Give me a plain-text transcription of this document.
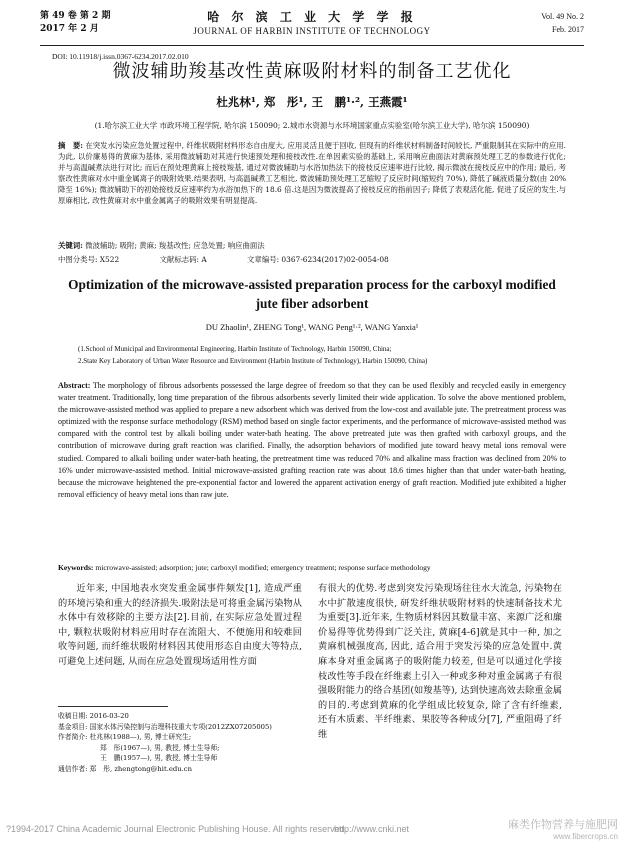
第 49 卷 第 2 期
2017 年 2 月
哈 尔 滨 工 业 大 学 学 报
JOURNAL OF HARBIN INSTITUTE OF TECHNOLOGY
Vol. 49 No. 2
Feb. 2017
DOI: 10.11918/j.issn.0367-6234.2017.02.010
微波辅助羧基改性黄麻吸附材料的制备工艺优化
杜兆林¹, 郑　彤¹, 王　鹏¹·², 王燕霞¹
(1.哈尔滨工业大学 市政环境工程学院, 哈尔滨 150090; 2.城市水资源与水环境国家重点实验室(哈尔滨工业大学), 哈尔滨 150090)
摘　要: 在突发水污染应急处置过程中, 纤维状吸附材料形态自由度大, 应用灵活且便于回收, 但现有的纤维状材料制备时间较长, 严重限制其在实际中的应用.为此, 以价廉易得的黄麻为基体, 采用微波辅助对其进行快速预处理和接枝改性.在单因素实验的基础上, 采用响应曲面法对黄麻预处理工艺的参数进行优化; 并与高温碱煮法进行对比; 而后在预处理黄麻上接枝羧基, 通过对微波辅助与水浴加热法下的接枝反应速率进行比较, 揭示微波在接枝反应中的作用; 最后, 考察改性黄麻对水中重金属离子的吸附效果.结果表明, 与高温碱煮工艺相比, 微波辅助预处理工艺缩短了反应时间(缩短约 70%), 降低了碱液质量分数(由 20% 降至 16%); 微波辅助下的初始接枝反应速率约为水浴加热下的 18.6 倍.这是因为微波提高了接枝反应的指前因子; 降低了表观活化能, 促进了反应的发生.与原麻相比, 改性黄麻对水中重金属离子的吸附效果有明显提高.
关键词: 微波辅助; 吸附; 黄麻; 羧基改性; 应急处置; 响应曲面法
中图分类号: X522	文献标志码: A	文章编号: 0367-6234(2017)02-0054-08
Optimization of the microwave-assisted preparation process for the carboxyl modified jute fiber adsorbent
DU Zhaolin¹, ZHENG Tong¹, WANG Peng¹·², WANG Yanxia¹
(1.School of Municipal and Environmental Engineering, Harbin Institute of Technology, Harbin 150090, China;
2.State Key Laboratory of Urban Water Resource and Environment (Harbin Institute of Technology), Harbin 150090, China)
Abstract: The morphology of fibrous adsorbents possessed the large degree of freedom so that they can be used flexibly and recycled easily in emergency water treatment. Traditionally, long time preparation of the fibrous adsorbents severly limited their wide application. To solve the above mentioned problem, the microwave-assisted method was applied to prepare a new adsorbent which was derived from the low-cost and available jute. The pretreatment process was optimized with the response surface methodology (RSM) method based on single factor experiments, and the performance of microwave-assisted method was compared with the control test by alkali boiling under water-bath heating. The above pretreated jute was then grafted with carboxyl groups, and the contribution of microwave during graft reaction was clarified. Finally, the adsorption behaviors of modified jute toward heavy metal ions removal were studied. Compared to alkali boiling under water-bath heating, the pretreatment time was reduced 70% and alkaline mass fraction was declined from 20% to 16% under microwave-assisted method. Initial microwave-assisted grafting reaction rate was about 18.6 times higher than that under water-bath heating, because the microwave heightened the pre-exponential factor and lowered the apparent activation energy of graft reaction. Modified jute exhibited a higher removal efficiency of heavy metal ions than raw jute.
Keywords: microwave-assisted; adsorption; jute; carboxyl modified; emergency treatment; response surface methodology

近年来, 中国地表水突发重金属事件频发[1], 造成严重的环境污染和重大的经济损失.吸附法是可将重金属污染物从水体中有效移除的主要方法[2].目前, 在实际应急处置过程中, 颗粒状吸附材料应用时存在流阻大、不便施用和较难回收等问题, 而纤维状吸附材料因其使用形态自由度大等特点, 可避免上述问题, 从而在应急处置现场适用性方面

有很大的优势.考虑到突发污染现场往往水大流急, 污染物在水中扩散速度很快, 研发纤维状吸附材料的快速制备技术尤为重要[3].近年来, 生物质材料因其数量丰富、来源广泛和廉价易得等优势得到广泛关注, 黄麻[4-6]就是其中一种, 加之黄麻机械强度高, 因此, 适合用于突发污染的应急处置中.黄麻本身对重金属离子的吸附能力较差, 但是可以通过化学接枝改性等手段在纤维素上引入一种或多种对重金属离子有很强吸附能力的络合基团(如羧基等), 达到快速高效去除重金属的目的.考虑到黄麻的化学组成比较复杂, 除了含有纤维素, 还有木质素、半纤维素、果胶等各种成分[7], 严重阻碍了纤维

收稿日期: 2016-03-20
基金项目: 国家水体污染控制与治理科技重大专项(2012ZX07205005)
作者简介: 杜兆林(1988—), 男, 博士研究生;
郑　彤(1967—), 男, 教授, 博士生导师;
王　鹏(1957—), 男, 教授, 博士生导师
通信作者: 郑　彤, zhengtong@hit.edu.cn
?1994-2017 China Academic Journal Electronic Publishing House. All rights reserved.
http://www.cnki.net	麻类作物营养与施肥网
www.fibercrops.cn
